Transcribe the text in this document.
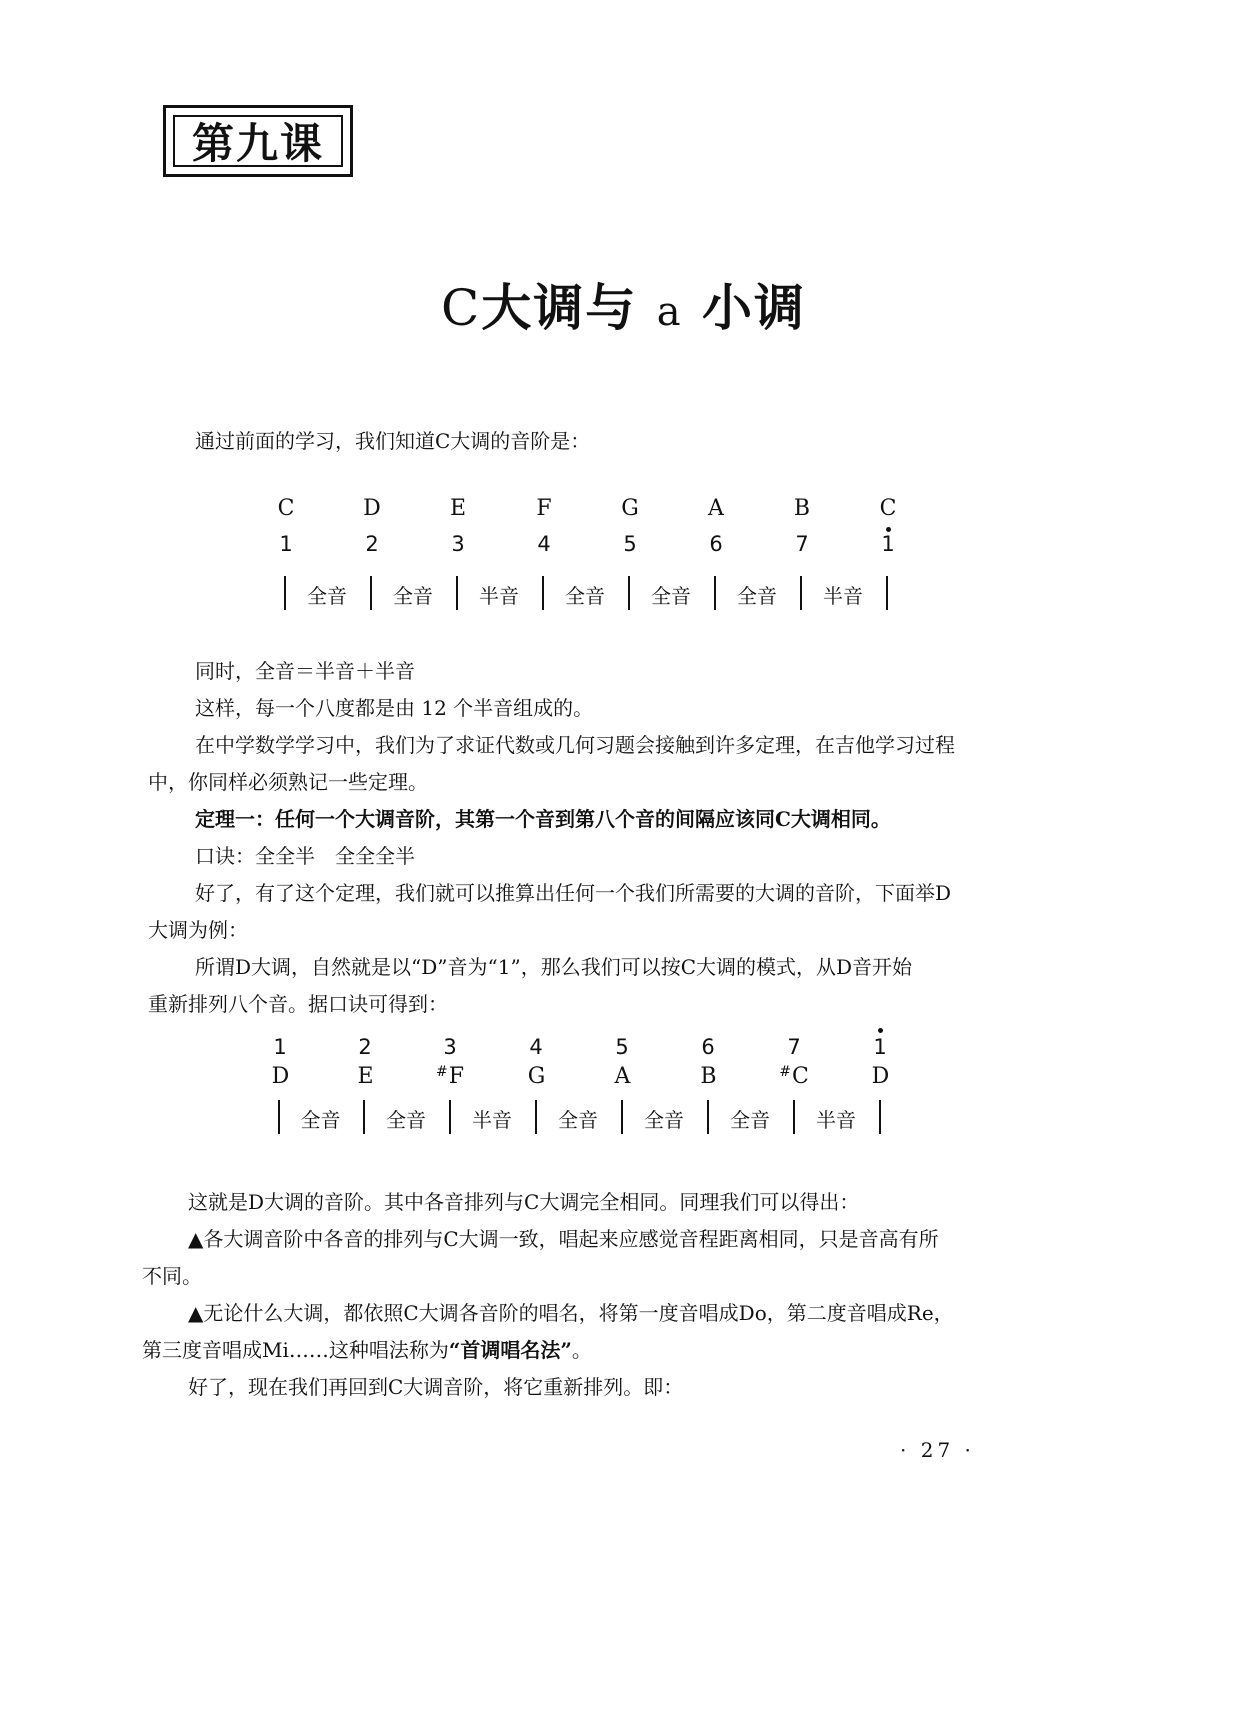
第九课
C大调与 a 小调

通过前面的学习，我们知道C大调的音阶是：

C	D	E	F	G	A	B	C
1	2	3	4	5	6	7	1
全音 全音 半音 全音 全音 全音 半音

同时，全音＝半音＋半音

这样，每一个八度都是由 12 个半音组成的。

在中学数学学习中，我们为了求证代数或几何习题会接触到许多定理，在吉他学习过程

中，你同样必须熟记一些定理。

定理一：任何一个大调音阶，其第一个音到第八个音的间隔应该同C大调相同。

口诀：全全半　全全全半

好了，有了这个定理，我们就可以推算出任何一个我们所需要的大调的音阶，下面举D

大调为例：

所谓D大调，自然就是以“D”音为“1”，那么我们可以按C大调的模式，从D音开始

重新排列八个音。据口诀可得到：

1	2	3	4	5	6	7	1
D	E	#F	G	A	B	#C	D
全音 全音 半音 全音 全音 全音 半音

这就是D大调的音阶。其中各音排列与C大调完全相同。同理我们可以得出：

▲各大调音阶中各音的排列与C大调一致，唱起来应感觉音程距离相同，只是音高有所

不同。

▲无论什么大调，都依照C大调各音阶的唱名，将第一度音唱成Do，第二度音唱成Re，

第三度音唱成Mi……这种唱法称为“首调唱名法”。

好了，现在我们再回到C大调音阶，将它重新排列。即：

· 27 ·
